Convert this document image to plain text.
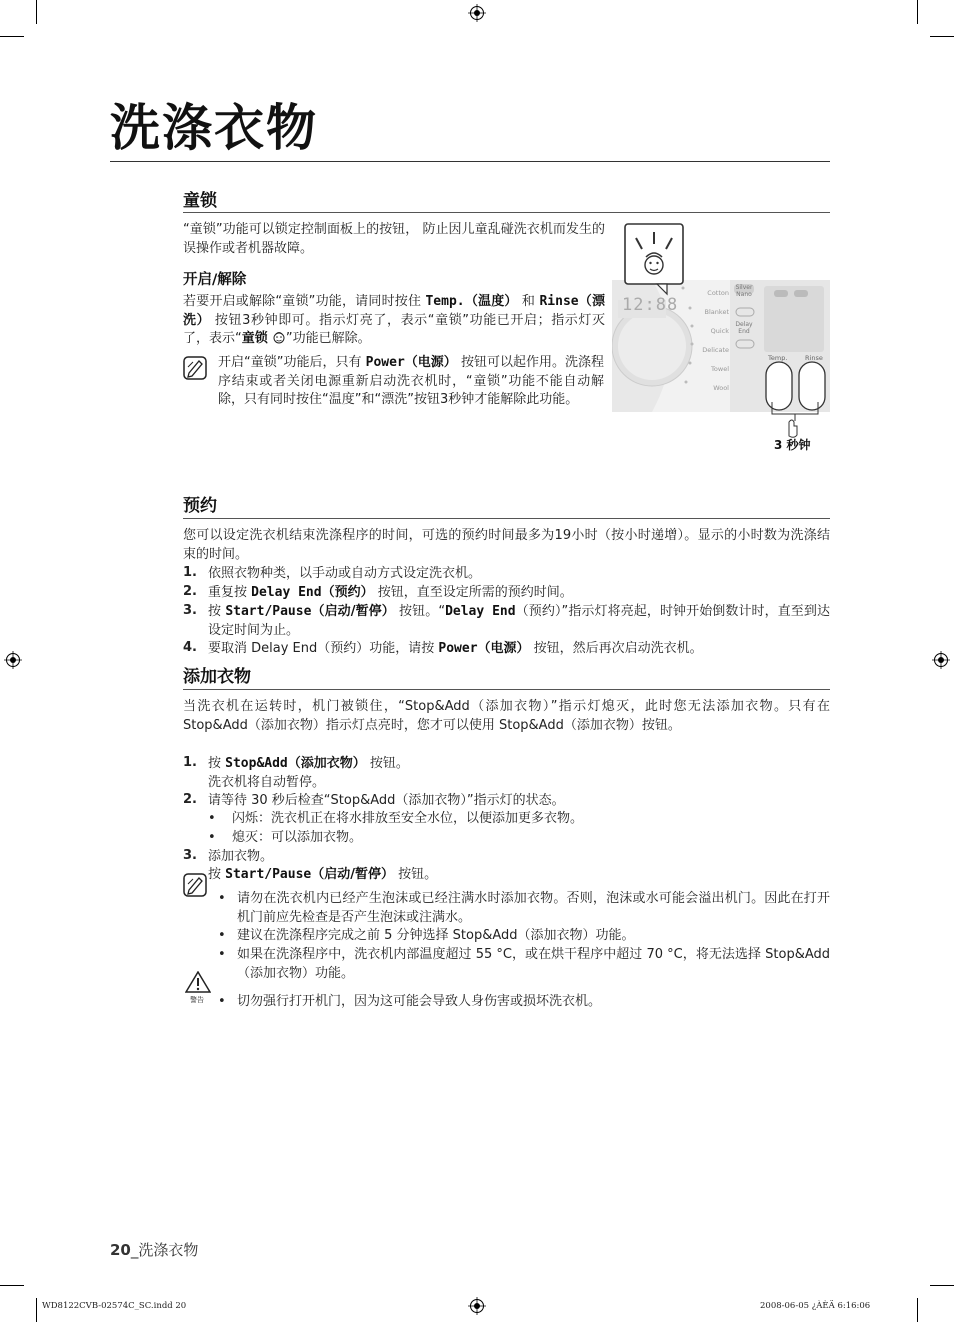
洗涤衣物
童锁
“童锁”功能可以锁定控制面板上的按钮， 防止因儿童乱碰洗衣机而发生的误操作或者机器故障。
开启/解除
若要开启或解除“童锁”功能，请同时按住 Temp.（温度） 和 Rinse（漂洗） 按钮3秒钟即可。指示灯亮了，表示“童锁”功能已开启；指示灯灭了，表示“童锁 ”功能已解除。
开启“童锁”功能后，只有 Power（电源） 按钮可以起作用。洗涤程序结束或者关闭电源重新启动洗衣机时，“童锁”功能不能自动解除，只有同时按住“温度”和“漂洗”按钮3秒钟才能解除此功能。
12:88
Cotton
Blanket
Quick
Delicate
Towel
Wool
Silver
Nano
Delay
End
Temp.	Rinse
3 秒钟
预约
您可以设定洗衣机结束洗涤程序的时间，可选的预约时间最多为19小时（按小时递增）。显示的小时数为洗涤结束的时间。
1. 依照衣物种类，以手动或自动方式设定洗衣机。
2. 重复按 Delay End（预约） 按钮，直至设定所需的预约时间。
3. 按 Start/Pause（启动/暂停） 按钮。“Delay End（预约）”指示灯将亮起，时钟开始倒数计时，直至到达设定时间为止。
4. 要取消 Delay End（预约）功能，请按 Power（电源） 按钮，然后再次启动洗衣机。
添加衣物
当洗衣机在运转时，机门被锁住，“Stop&Add（添加衣物）”指示灯熄灭，此时您无法添加衣物。只有在 Stop&Add（添加衣物）指示灯点亮时，您才可以使用 Stop&Add（添加衣物）按钮。
1. 按 Stop&Add（添加衣物） 按钮。
洗衣机将自动暂停。
2. 请等待 30 秒后检查“Stop&Add（添加衣物）”指示灯的状态。
• 闪烁：洗衣机正在将水排放至安全水位，以便添加更多衣物。
• 熄灭：可以添加衣物。
3. 添加衣物。
按 Start/Pause（启动/暂停） 按钮。
• 请勿在洗衣机内已经产生泡沫或已经注满水时添加衣物。否则，泡沫或水可能会溢出机门。因此在打开机门前应先检查是否产生泡沫或注满水。
• 建议在洗涤程序完成之前 5 分钟选择 Stop&Add（添加衣物）功能。
• 如果在洗涤程序中，洗衣机内部温度超过 55 °C，或在烘干程序中超过 70 °C，将无法选择 Stop&Add（添加衣物）功能。
警告 • 切勿强行打开机门，因为这可能会导致人身伤害或损坏洗衣机。
20_洗涤衣物
WD8122CVB-02574C_SC.indd 20	2008-06-05 ¿ÀÈÄ 6:16:06
